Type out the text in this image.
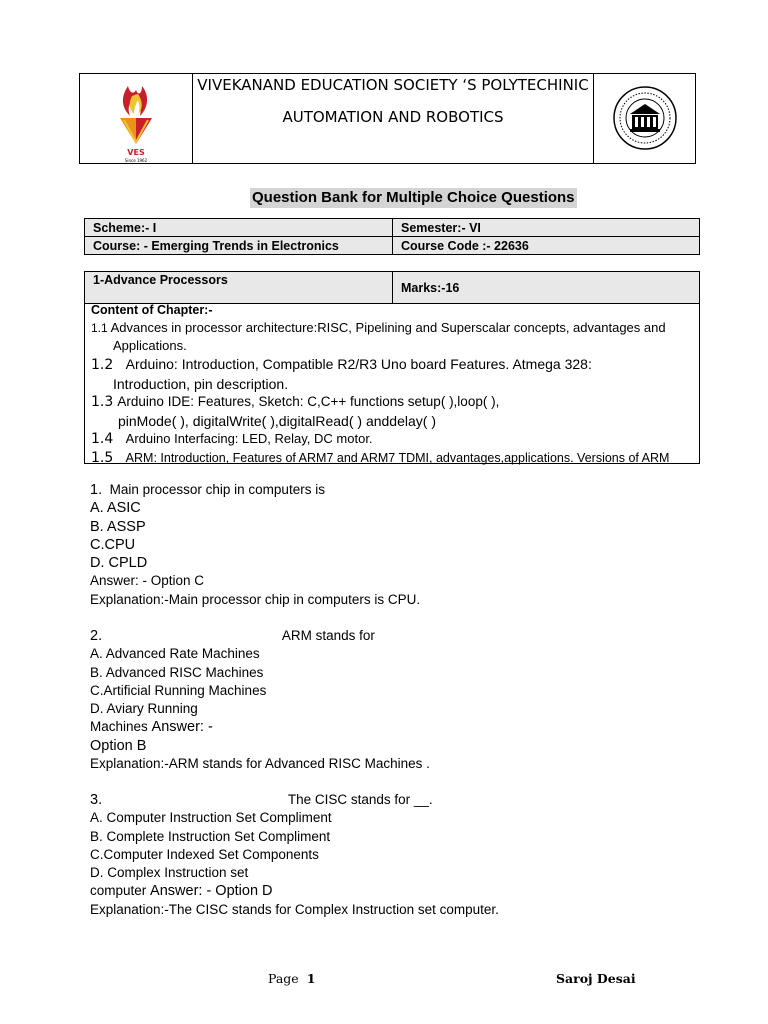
VES
Since 1962
VIVEKANAND EDUCATION SOCIETY ‘S POLYTECHINIC
AUTOMATION AND ROBOTICS
Question Bank for Multiple Choice Questions
Scheme:- I	Semester:- VI
Course: - Emerging Trends in Electronics	Course Code :- 22636
1-Advance Processors	Marks:-16
Content of Chapter:-
1.1 Advances in processor architecture:RISC, Pipelining and Superscalar concepts, advantages and
Applications.
1.2 Arduino: Introduction, Compatible R2/R3 Uno board Features. Atmega 328:
Introduction, pin description.
1.3 Arduino IDE: Features, Sketch: C,C++ functions setup( ),loop( ),
pinMode( ), digitalWrite( ),digitalRead( ) anddelay( )
1.4 Arduino Interfacing: LED, Relay, DC motor.
1.5 ARM: Introduction, Features of ARM7 and ARM7 TDMI, advantages,applications. Versions of ARM
1. Main processor chip in computers is
A. ASIC
B. ASSP
C.CPU
D. CPLD
Answer: - Option C
Explanation:-Main processor chip in computers is CPU.
2.	ARM stands for
A. Advanced Rate Machines
B. Advanced RISC Machines
C.Artificial Running Machines
D. Aviary Running
Machines Answer: -
Option B
Explanation:-ARM stands for Advanced RISC Machines .
3.	The CISC stands for __.
A. Computer Instruction Set Compliment
B. Complete Instruction Set Compliment
C.Computer Indexed Set Components
D. Complex Instruction set
computer Answer: - Option D
Explanation:-The CISC stands for Complex Instruction set computer.
Page 1	Saroj Desai
